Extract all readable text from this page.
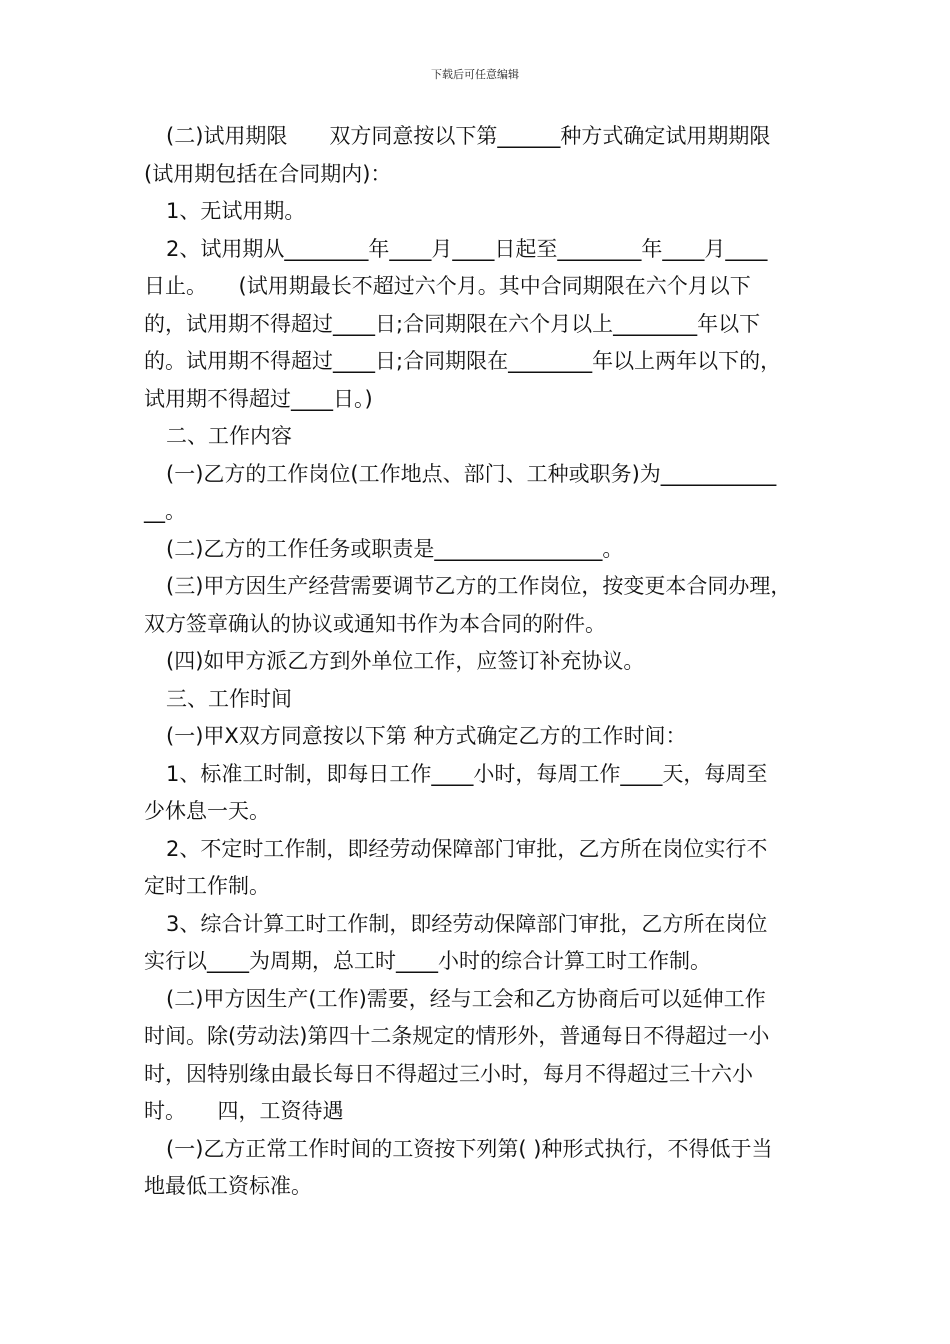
下载后可任意编辑
(二)试用期限　　双方同意按以下第______种方式确定试用期期限
(试用期包括在合同期内)：
1、无试用期。
2、试用期从________年____月____日起至________年____月____
日止。　　(试用期最长不超过六个月。其中合同期限在六个月以下
的，试用期不得超过____日;合同期限在六个月以上________年以下
的。试用期不得超过____日;合同期限在________年以上两年以下的，
试用期不得超过____日。)
二、工作内容
(一)乙方的工作岗位(工作地点、部门、工种或职务)为___________
__。
(二)乙方的工作任务或职责是________________。
(三)甲方因生产经营需要调节乙方的工作岗位，按变更本合同办理，
双方签章确认的协议或通知书作为本合同的附件。
(四)如甲方派乙方到外单位工作，应签订补充协议。
三、工作时间
(一)甲X双方同意按以下第 种方式确定乙方的工作时间：
1、标准工时制，即每日工作____小时，每周工作____天，每周至
少休息一天。
2、不定时工作制，即经劳动保障部门审批，乙方所在岗位实行不
定时工作制。
3、综合计算工时工作制，即经劳动保障部门审批，乙方所在岗位
实行以____为周期，总工时____小时的综合计算工时工作制。
(二)甲方因生产(工作)需要，经与工会和乙方协商后可以延伸工作
时间。除(劳动法)第四十二条规定的情形外，普通每日不得超过一小
时，因特别缘由最长每日不得超过三小时，每月不得超过三十六小
时。　　四，工资待遇
(一)乙方正常工作时间的工资按下列第( )种形式执行，不得低于当
地最低工资标准。
